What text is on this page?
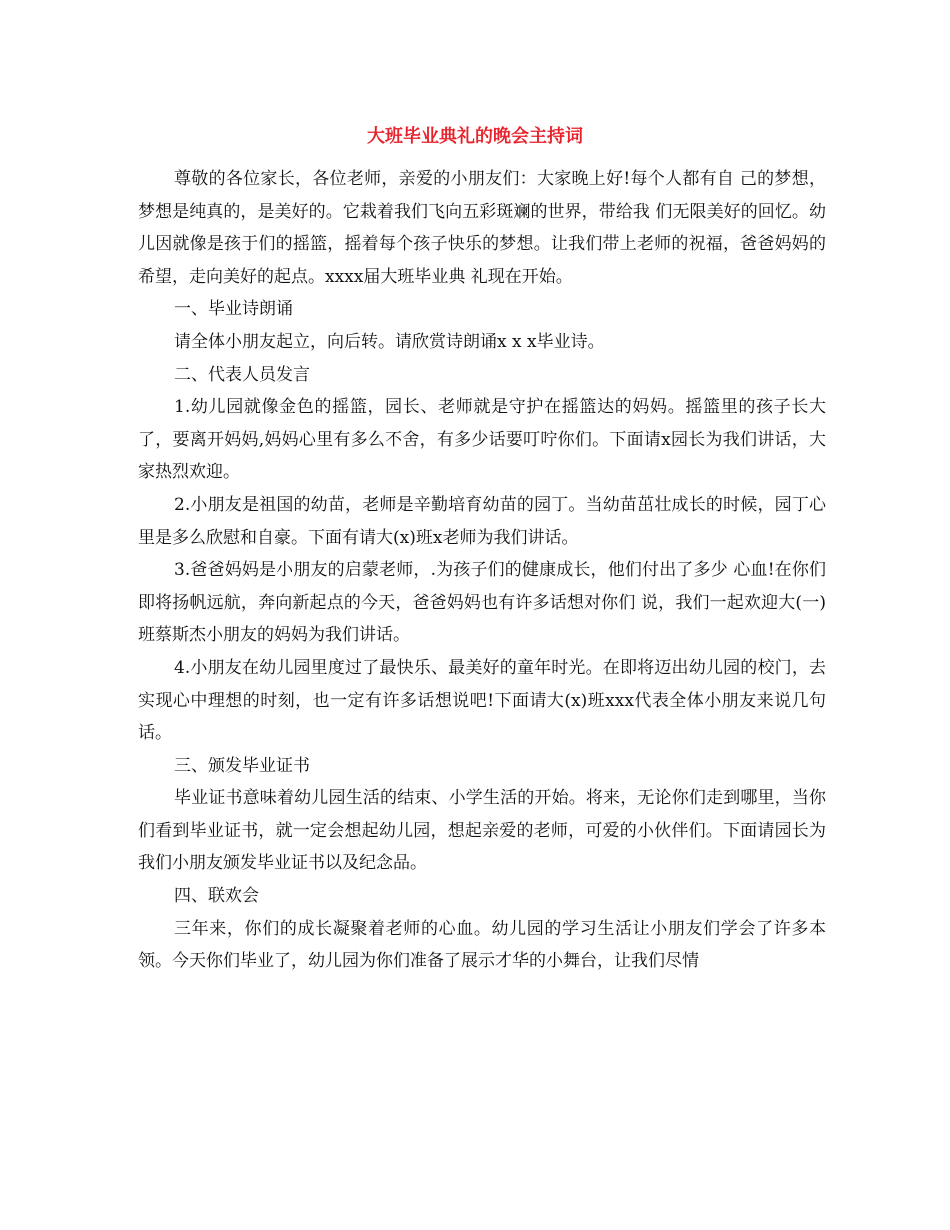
大班毕业典礼的晚会主持词

尊敬的各位家长，各位老师，亲爱的小朋友们：大家晚上好!每个人都有自 己的梦想，梦想是纯真的，是美好的。它栽着我们飞向五彩斑斓的世界，带给我 们无限美好的回忆。幼儿因就像是孩于们的摇篮，摇着每个孩子快乐的梦想。让我们带上老师的祝福，爸爸妈妈的希望，走向美好的起点。xxxx届大班毕业典 礼现在开始。

一、毕业诗朗诵

请全体小朋友起立，向后转。请欣赏诗朗诵x x x毕业诗。

二、代表人员发言

1.幼儿园就像金色的摇篮，园长、老师就是守护在摇篮达的妈妈。摇篮里的孩子长大了，要离开妈妈,妈妈心里有多么不舍，有多少话要叮咛你们。下面请x园长为我们讲话，大家热烈欢迎。

2.小朋友是祖国的幼苗，老师是辛勤培育幼苗的园丁。当幼苗茁壮成长的时候，园丁心里是多么欣慰和自豪。下面有请大(x)班x老师为我们讲话。

3.爸爸妈妈是小朋友的启蒙老师，.为孩子们的健康成长，他们付出了多少 心血!在你们即将扬帆远航，奔向新起点的今天，爸爸妈妈也有许多话想对你们 说，我们一起欢迎大(一)班蔡斯杰小朋友的妈妈为我们讲话。

4.小朋友在幼儿园里度过了最快乐、最美好的童年时光。在即将迈出幼儿园的校门，去实现心中理想的时刻，也一定有许多话想说吧!下面请大(x)班xxx代表全体小朋友来说几句话。

三、颁发毕业证书

毕业证书意味着幼儿园生活的结束、小学生活的开始。将来，无论你们走到哪里，当你们看到毕业证书，就一定会想起幼儿园，想起亲爱的老师，可爱的小伙伴们。下面请园长为我们小朋友颁发毕业证书以及纪念品。

四、联欢会

三年来，你们的成长凝聚着老师的心血。幼儿园的学习生活让小朋友们学会了许多本领。今天你们毕业了，幼儿园为你们准备了展示才华的小舞台，让我们尽情
